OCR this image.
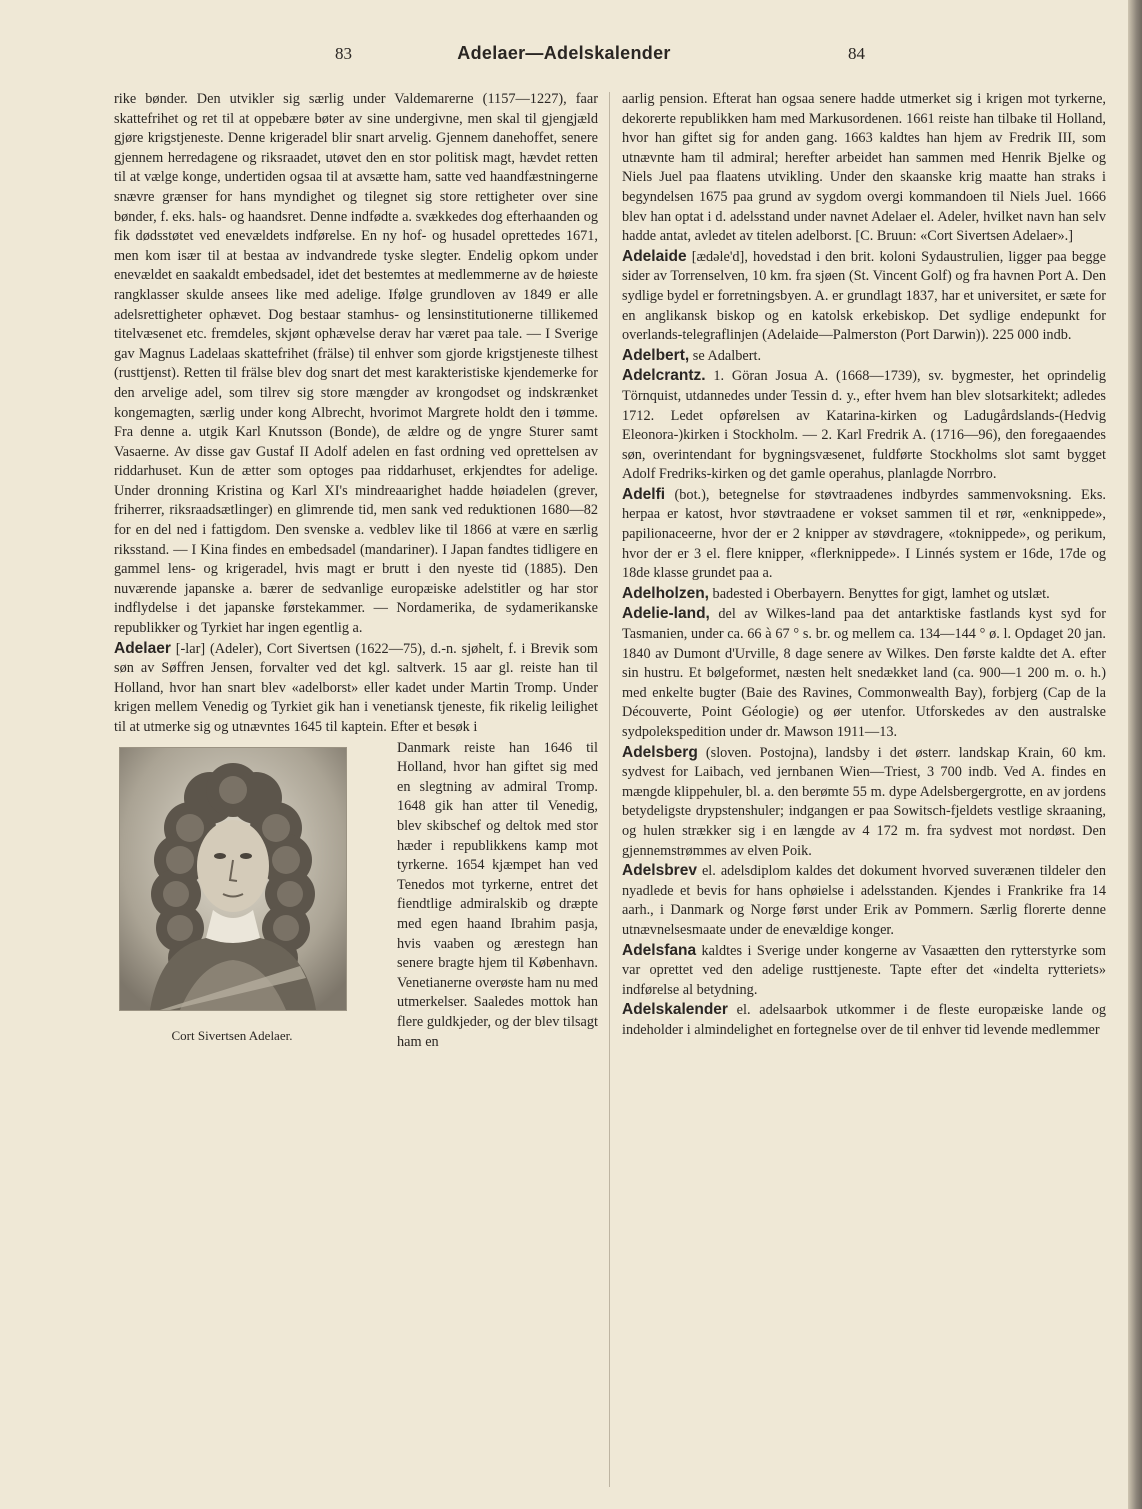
83	Adelaer—Adelskalender	84

rike bønder. Den utvikler sig særlig under Valdemarerne (1157—1227), faar skattefrihet og ret til at oppebære bøter av sine undergivne, men skal til gjengjæld gjøre krigstjeneste. Denne krigeradel blir snart arvelig. Gjennem danehoffet, senere gjennem herredagene og riksraadet, utøvet den en stor politisk magt, hævdet retten til at vælge konge, undertiden ogsaa til at avsætte ham, satte ved haandfæstningerne snævre grænser for hans myndighet og tilegnet sig store rettigheter over sine bønder, f. eks. hals- og haandsret. Denne indfødte a. svækkedes dog efterhaanden og fik dødsstøtet ved enevældets indførelse. En ny hof- og husadel oprettedes 1671, men kom især til at bestaa av indvandrede tyske slegter. Endelig opkom under enevældet en saakaldt embedsadel, idet det bestemtes at medlemmerne av de høieste rangklasser skulde ansees like med adelige. Ifølge grundloven av 1849 er alle adelsrettigheter ophævet. Dog bestaar stamhus- og lensinstitutionerne tillikemed titelvæsenet etc. fremdeles, skjønt ophævelse derav har været paa tale. — I Sverige gav Magnus Ladelaas skattefrihet (frälse) til enhver som gjorde krigstjeneste tilhest (rusttjenst). Retten til frälse blev dog snart det mest karakteristiske kjendemerke for den arvelige adel, som tilrev sig store mængder av krongodset og indskrænket kongemagten, særlig under kong Albrecht, hvorimot Margrete holdt den i tømme. Fra denne a. utgik Karl Knutsson (Bonde), de ældre og de yngre Sturer samt Vasaerne. Av disse gav Gustaf II Adolf adelen en fast ordning ved oprettelsen av riddarhuset. Kun de ætter som optoges paa riddarhuset, erkjendtes for adelige. Under dronning Kristina og Karl XI's mindreaarighet hadde høiadelen (grever, friherrer, riksraadsætlinger) en glimrende tid, men sank ved reduktionen 1680—82 for en del ned i fattigdom. Den svenske a. vedblev like til 1866 at være en særlig riksstand. — I Kina findes en embedsadel (mandariner). I Japan fandtes tidligere en gammel lens- og krigeradel, hvis magt er brutt i den nyeste tid (1885). Den nuværende japanske a. bærer de sedvanlige europæiske adelstitler og har stor indflydelse i det japanske førstekammer. — Nordamerika, de sydamerikanske republikker og Tyrkiet har ingen egentlig a.

Adelaer [-lar] (Adeler), Cort Sivertsen (1622—75), d.-n. sjøhelt, f. i Brevik som søn av Søffren Jensen, forvalter ved det kgl. saltverk. 15 aar gl. reiste han til Holland, hvor han snart blev «adelborst» eller kadet under Martin Tromp. Under krigen mellem Venedig og Tyrkiet gik han i venetiansk tjeneste, fik rikelig leilighet til at utmerke sig og utnævntes 1645 til kaptein. Efter et besøk i

Cort Sivertsen Adelaer.

Danmark reiste han 1646 til Holland, hvor han giftet sig med en slegtning av admiral Tromp. 1648 gik han atter til Venedig, blev skibschef og deltok med stor hæder i republikkens kamp mot tyrkerne. 1654 kjæmpet han ved Tenedos mot tyrkerne, entret det fiendtlige admiralskib og dræpte med egen haand Ibrahim pasja, hvis vaaben og ærestegn han senere bragte hjem til København. Venetianerne overøste ham nu med utmerkelser. Saaledes mottok han flere guldkjeder, og der blev tilsagt ham en

aarlig pension. Efterat han ogsaa senere hadde utmerket sig i krigen mot tyrkerne, dekorerte republikken ham med Markusordenen. 1661 reiste han tilbake til Holland, hvor han giftet sig for anden gang. 1663 kaldtes han hjem av Fredrik III, som utnævnte ham til admiral; herefter arbeidet han sammen med Henrik Bjelke og Niels Juel paa flaatens utvikling. Under den skaanske krig maatte han straks i begyndelsen 1675 paa grund av sygdom overgi kommandoen til Niels Juel. 1666 blev han optat i d. adelsstand under navnet Adelaer el. Adeler, hvilket navn han selv hadde antat, avledet av titelen adelborst. [C. Bruun: «Cort Sivertsen Adelaer».]

Adelaide [ædəle'd], hovedstad i den brit. koloni Sydaustrulien, ligger paa begge sider av Torrenselven, 10 km. fra sjøen (St. Vincent Golf) og fra havnen Port A. Den sydlige bydel er forretningsbyen. A. er grundlagt 1837, har et universitet, er sæte for en anglikansk biskop og en katolsk erkebiskop. Det sydlige endepunkt for overlands-telegraflinjen (Adelaide—Palmerston (Port Darwin)). 225 000 indb.

Adelbert, se Adalbert.

Adelcrantz. 1. Göran Josua A. (1668—1739), sv. bygmester, het oprindelig Törnquist, utdannedes under Tessin d. y., efter hvem han blev slotsarkitekt; adledes 1712. Ledet opførelsen av Katarina-kirken og Ladugårdslands-(Hedvig Eleonora-)kirken i Stockholm. — 2. Karl Fredrik A. (1716—96), den foregaaendes søn, overintendant for bygningsvæsenet, fuldførte Stockholms slot samt bygget Adolf Fredriks-kirken og det gamle operahus, planlagde Norrbro.

Adelfi (bot.), betegnelse for støvtraadenes indbyrdes sammenvoksning. Eks. herpaa er katost, hvor støvtraadene er vokset sammen til et rør, «enknippede», papilionaceerne, hvor der er 2 knipper av støvdragere, «toknippede», og perikum, hvor der er 3 el. flere knipper, «flerknippede». I Linnés system er 16de, 17de og 18de klasse grundet paa a.

Adelholzen, badested i Oberbayern. Benyttes for gigt, lamhet og utslæt.

Adelie-land, del av Wilkes-land paa det antarktiske fastlands kyst syd for Tasmanien, under ca. 66 à 67 ° s. br. og mellem ca. 134—144 ° ø. l. Opdaget 20 jan. 1840 av Dumont d'Urville, 8 dage senere av Wilkes. Den første kaldte det A. efter sin hustru. Et bølgeformet, næsten helt snedækket land (ca. 900—1 200 m. o. h.) med enkelte bugter (Baie des Ravines, Commonwealth Bay), forbjerg (Cap de la Découverte, Point Géologie) og øer utenfor. Utforskedes av den australske sydpolekspedition under dr. Mawson 1911—13.

Adelsberg (sloven. Postojna), landsby i det østerr. landskap Krain, 60 km. sydvest for Laibach, ved jernbanen Wien—Triest, 3 700 indb. Ved A. findes en mængde klippehuler, bl. a. den berømte 55 m. dype Adelsbergergrotte, en av jordens betydeligste drypstenshuler; indgangen er paa Sowitsch-fjeldets vestlige skraaning, og hulen strækker sig i en længde av 4 172 m. fra sydvest mot nordøst. Den gjennemstrømmes av elven Poik.

Adelsbrev el. adelsdiplom kaldes det dokument hvorved suverænen tildeler den nyadlede et bevis for hans ophøielse i adelsstanden. Kjendes i Frankrike fra 14 aarh., i Danmark og Norge først under Erik av Pommern. Særlig florerte denne utnævnelsesmaate under de enevældige konger.

Adelsfana kaldtes i Sverige under kongerne av Vasaætten den rytterstyrke som var oprettet ved den adelige rusttjeneste. Tapte efter det «indelta rytteriets» indførelse al betydning.

Adelskalender el. adelsaarbok utkommer i de fleste europæiske lande og indeholder i almindelighet en fortegnelse over de til enhver tid levende medlemmer
